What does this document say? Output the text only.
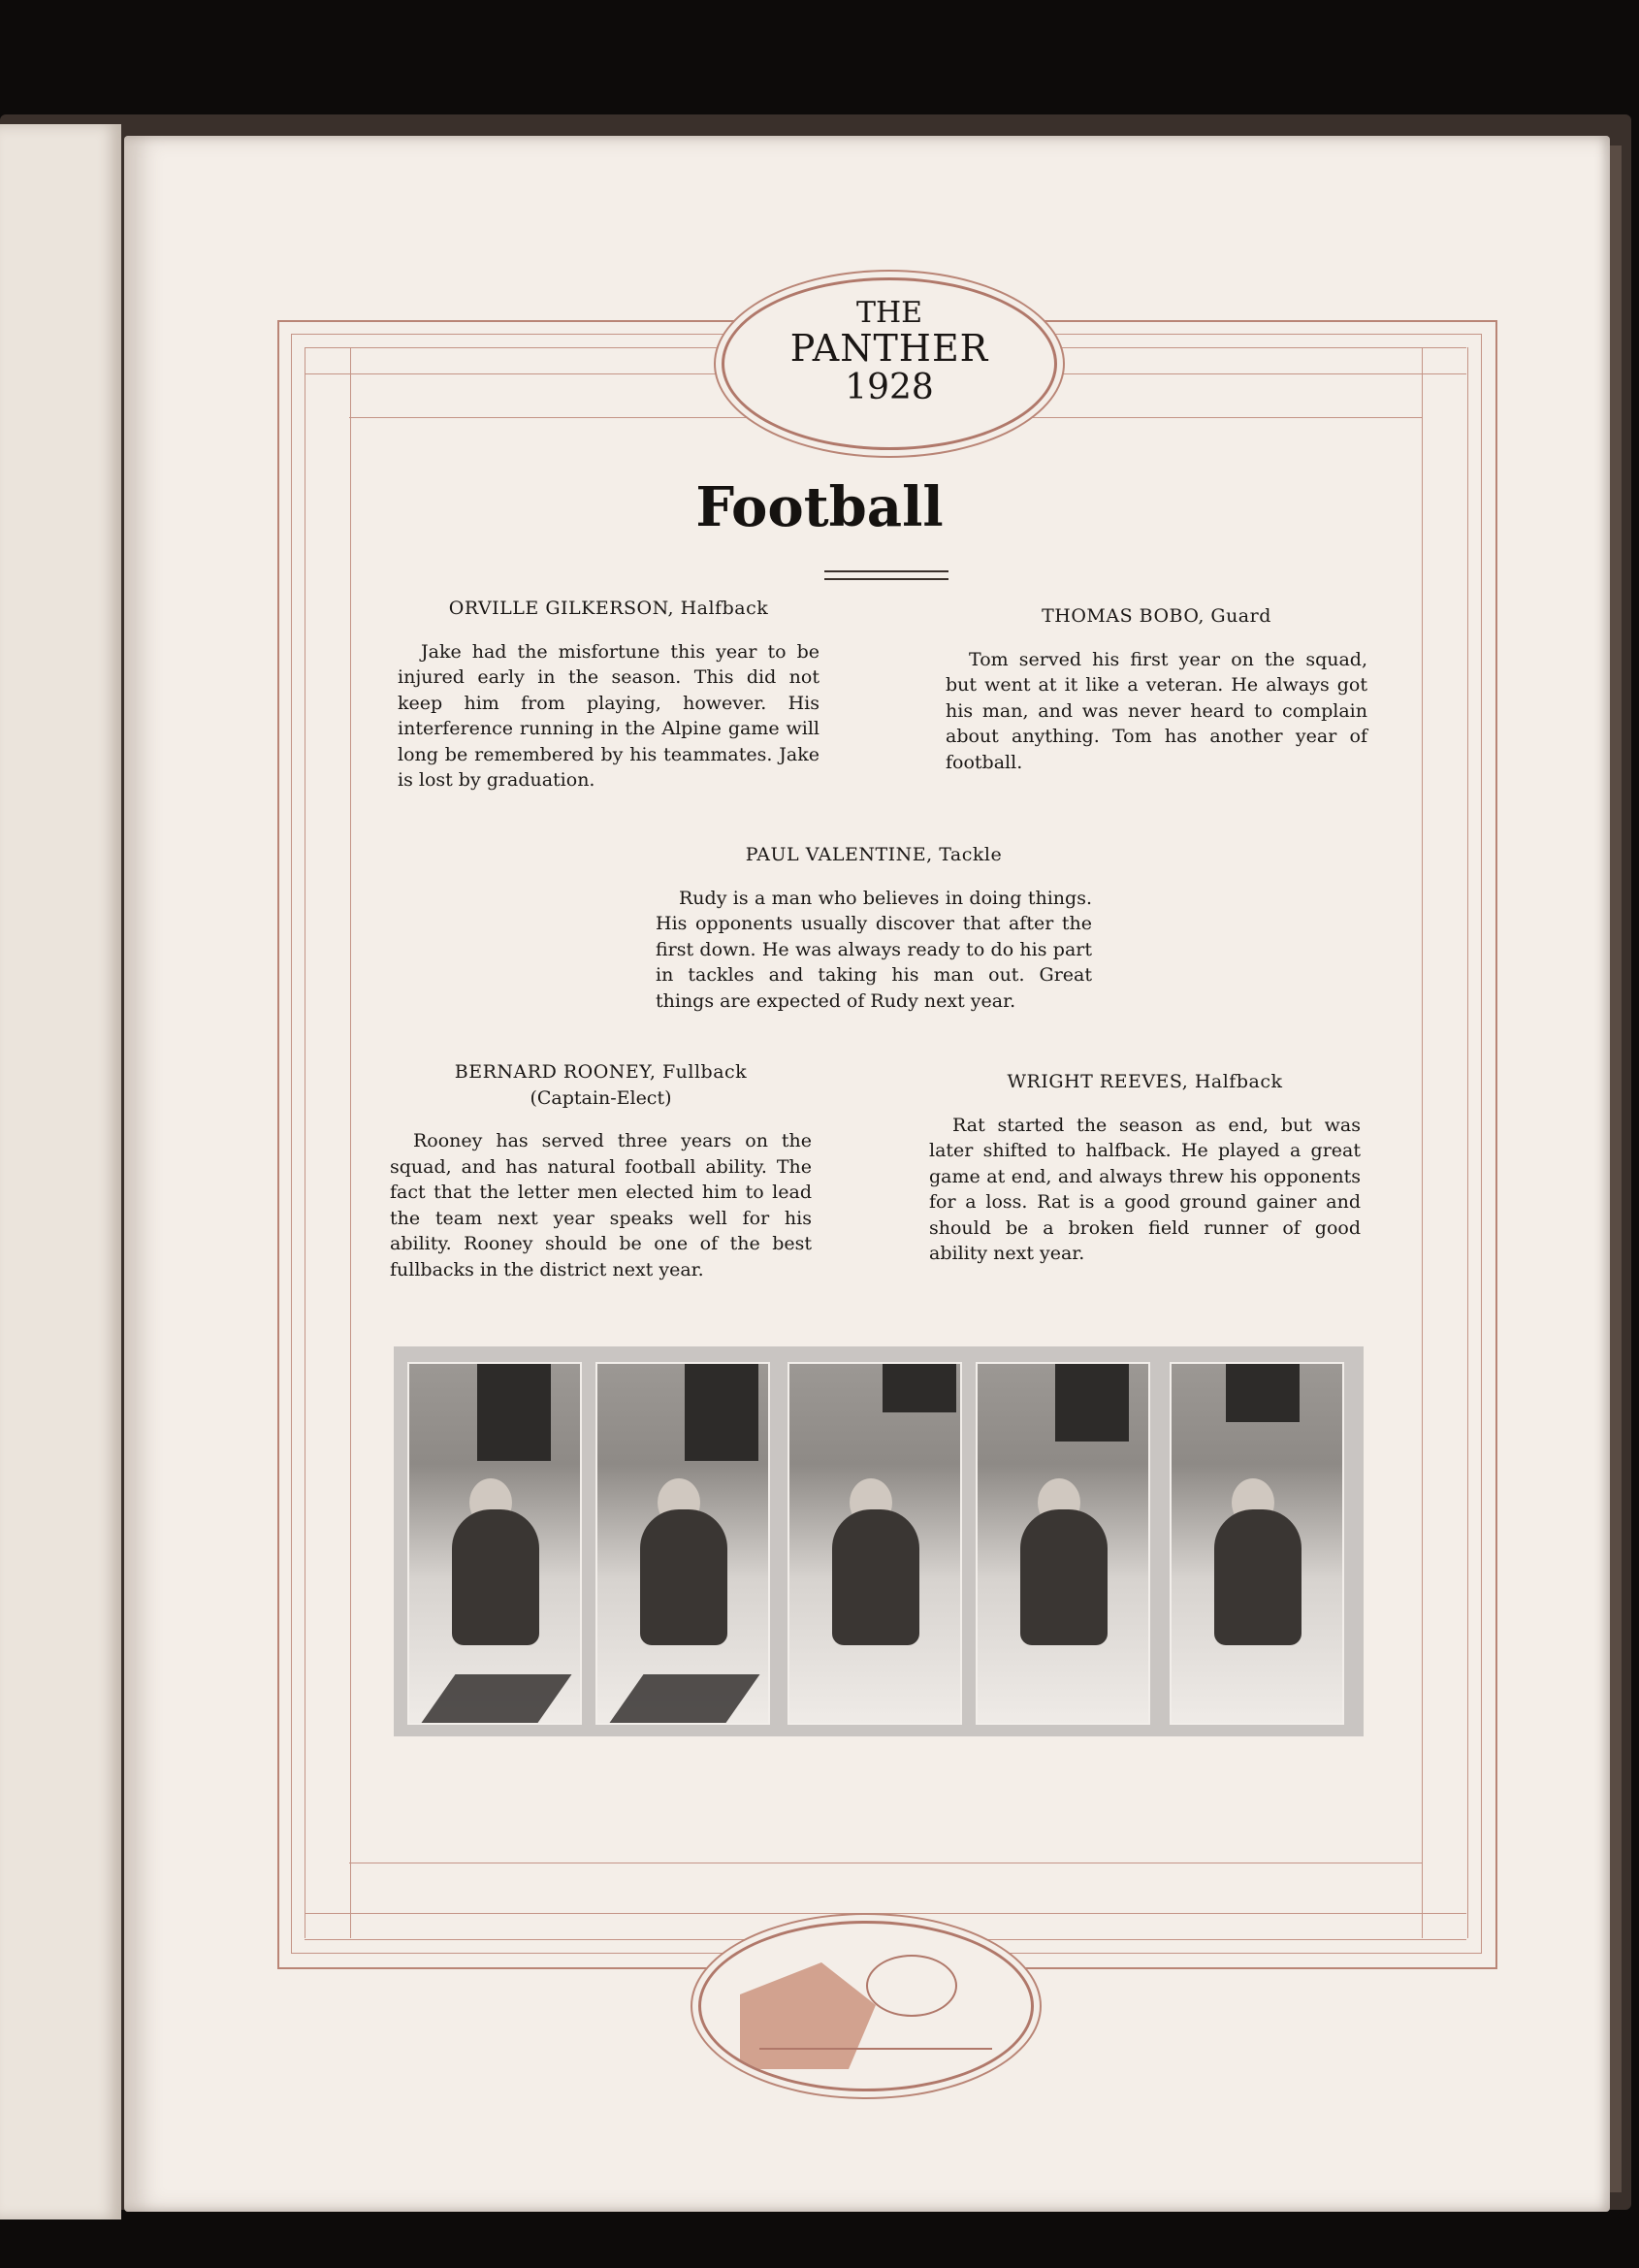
THE
PANTHER
1928
Football
ORVILLE GILKERSON, Halfback
Jake had the misfortune this year to be injured early in the season. This did not keep him from playing, however. His interference running in the Alpine game will long be remembered by his teammates. Jake is lost by graduation.
THOMAS BOBO, Guard
Tom served his first year on the squad, but went at it like a veteran. He always got his man, and was never heard to complain about anything. Tom has another year of football.
PAUL VALENTINE, Tackle
Rudy is a man who believes in doing things. His opponents usually discover that after the first down. He was always ready to do his part in tackles and taking his man out. Great things are expected of Rudy next year.
BERNARD ROONEY, Fullback
(Captain-Elect)
Rooney has served three years on the squad, and has natural football ability. The fact that the letter men elected him to lead the team next year speaks well for his ability. Rooney should be one of the best fullbacks in the district next year.
WRIGHT REEVES, Halfback
Rat started the season as end, but was later shifted to halfback. He played a great game at end, and always threw his opponents for a loss. Rat is a good ground gainer and should be a broken field runner of good ability next year.
